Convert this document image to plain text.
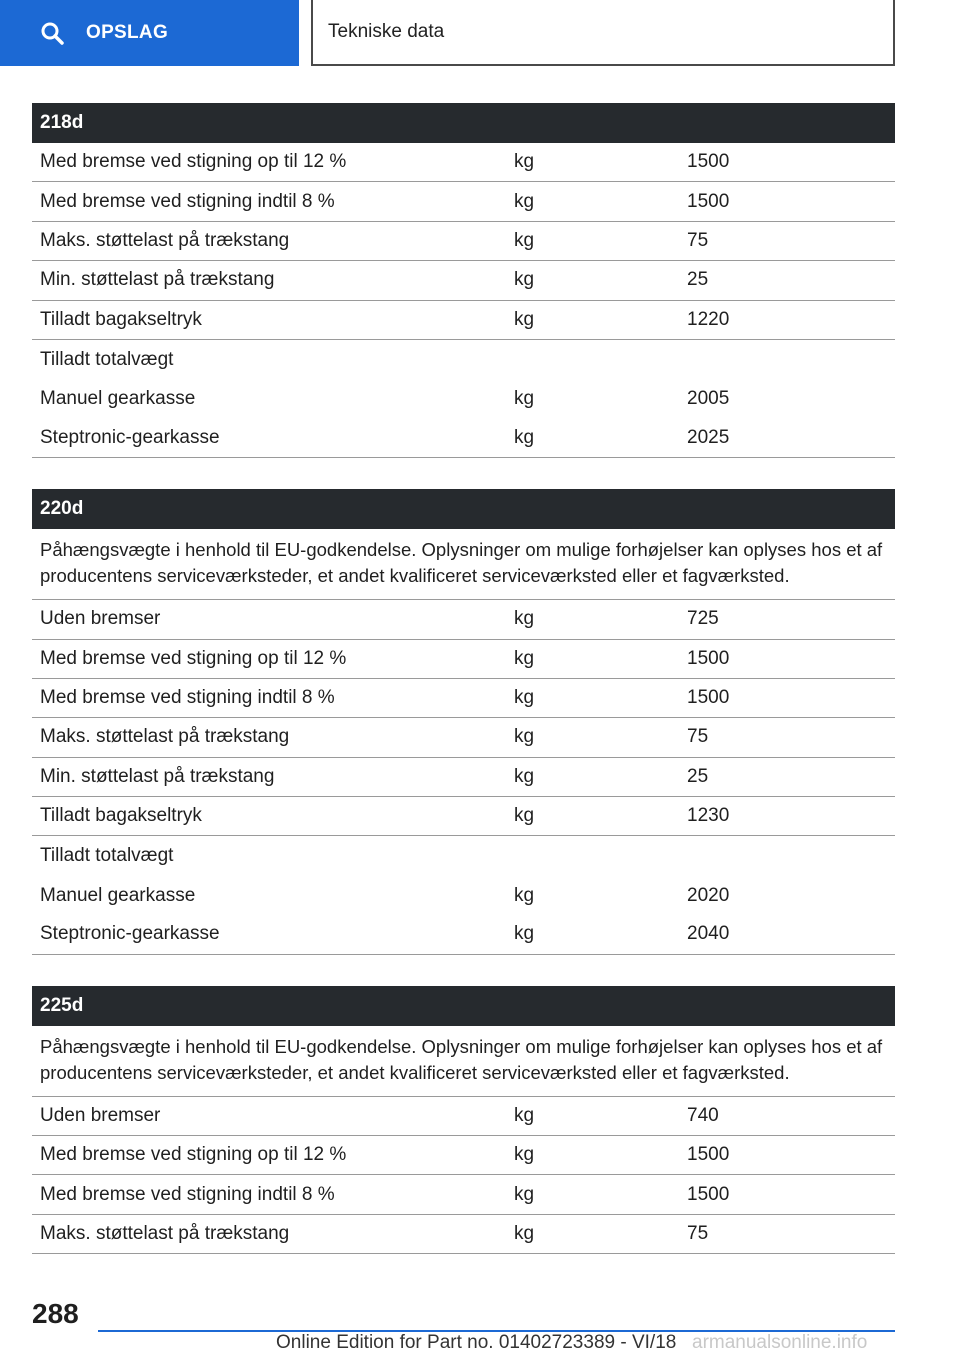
OPSLAG	Tekniske data
218d
Med bremse ved stigning op til 12 %	kg	1500
Med bremse ved stigning indtil 8 %	kg	1500
Maks. støttelast på trækstang	kg	75
Min. støttelast på trækstang	kg	25
Tilladt bagakseltryk	kg	1220
Tilladt totalvægt
Manuel gearkasse	kg	2005
Steptronic-gearkasse	kg	2025
220d
Påhængsvægte i henhold til EU-godkendelse. Oplysninger om mulige forhøjelser kan oplyses hos et af producentens serviceværksteder, et andet kvalificeret serviceværksted eller et fagværksted.
Uden bremser	kg	725
Med bremse ved stigning op til 12 %	kg	1500
Med bremse ved stigning indtil 8 %	kg	1500
Maks. støttelast på trækstang	kg	75
Min. støttelast på trækstang	kg	25
Tilladt bagakseltryk	kg	1230
Tilladt totalvægt
Manuel gearkasse	kg	2020
Steptronic-gearkasse	kg	2040
225d
Påhængsvægte i henhold til EU-godkendelse. Oplysninger om mulige forhøjelser kan oplyses hos et af producentens serviceværksteder, et andet kvalificeret serviceværksted eller et fagværksted.
Uden bremser	kg	740
Med bremse ved stigning op til 12 %	kg	1500
Med bremse ved stigning indtil 8 %	kg	1500
Maks. støttelast på trækstang	kg	75
288
Online Edition for Part no. 01402723389 - VI/18 armanualsonline.info
